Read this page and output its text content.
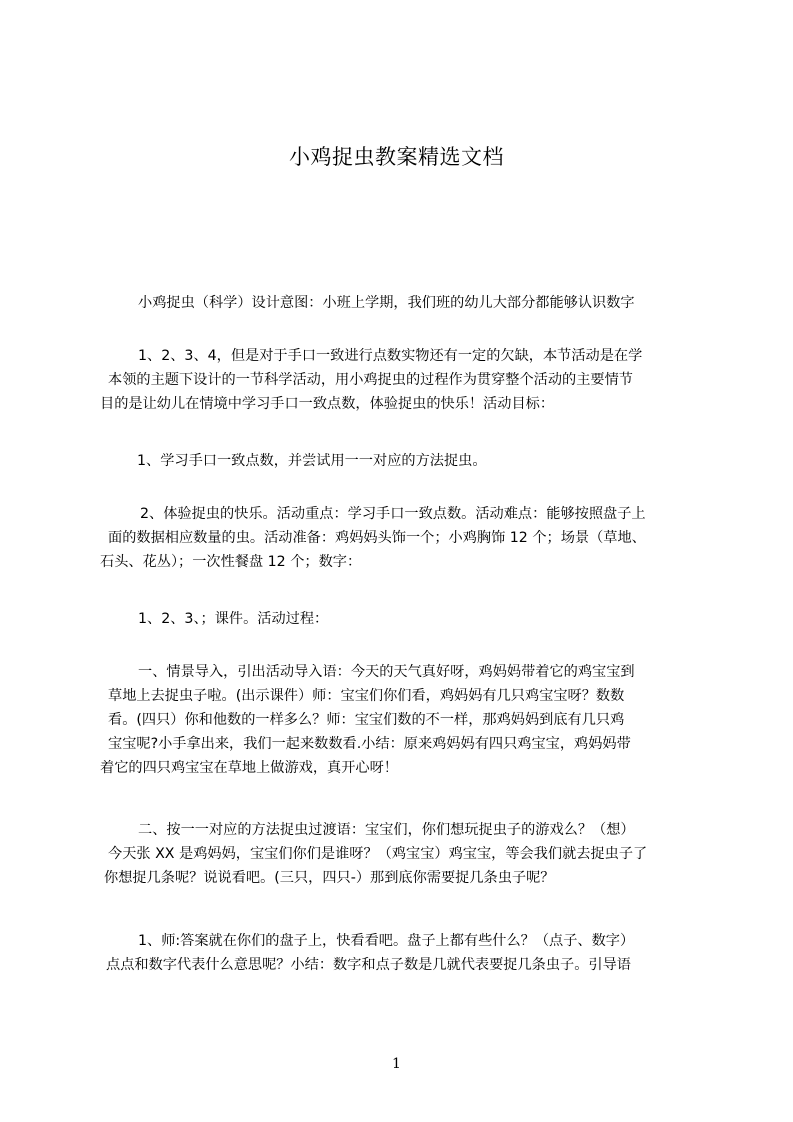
小鸡捉虫教案精选文档
小鸡捉虫（科学）设计意图：小班上学期，我们班的幼儿大部分都能够认识数字
1、2、3、4，但是对于手口一致进行点数实物还有一定的欠缺，本节活动是在学
本领的主题下设计的一节科学活动，用小鸡捉虫的过程作为贯穿整个活动的主要情节
目的是让幼儿在情境中学习手口一致点数，体验捉虫的快乐！活动目标：
1、学习手口一致点数，并尝试用一一对应的方法捉虫。
2、体验捉虫的快乐。活动重点：学习手口一致点数。活动难点：能够按照盘子上
面的数据相应数量的虫。活动准备：鸡妈妈头饰一个；小鸡胸饰 12 个；场景（草地、
石头、花丛）；一次性餐盘 12 个；数字：
1、2、3、；课件。活动过程：
一、情景导入，引出活动导入语：今天的天气真好呀，鸡妈妈带着它的鸡宝宝到
草地上去捉虫子啦。(出示课件）师：宝宝们你们看，鸡妈妈有几只鸡宝宝呀？数数
看。(四只）你和他数的一样多么？师：宝宝们数的不一样，那鸡妈妈到底有几只鸡
宝宝呢?小手拿出来，我们一起来数数看.小结：原来鸡妈妈有四只鸡宝宝，鸡妈妈带
着它的四只鸡宝宝在草地上做游戏，真开心呀！
二、按一一对应的方法捉虫过渡语：宝宝们，你们想玩捉虫子的游戏么？（想）
今天张 XX 是鸡妈妈，宝宝们你们是谁呀？（鸡宝宝）鸡宝宝，等会我们就去捉虫子了
你想捉几条呢？说说看吧。(三只，四只-）那到底你需要捉几条虫子呢？
1、师:答案就在你们的盘子上，快看看吧。盘子上都有些什么？（点子、数字）
点点和数字代表什么意思呢？小结：数字和点子数是几就代表要捉几条虫子。引导语
1
